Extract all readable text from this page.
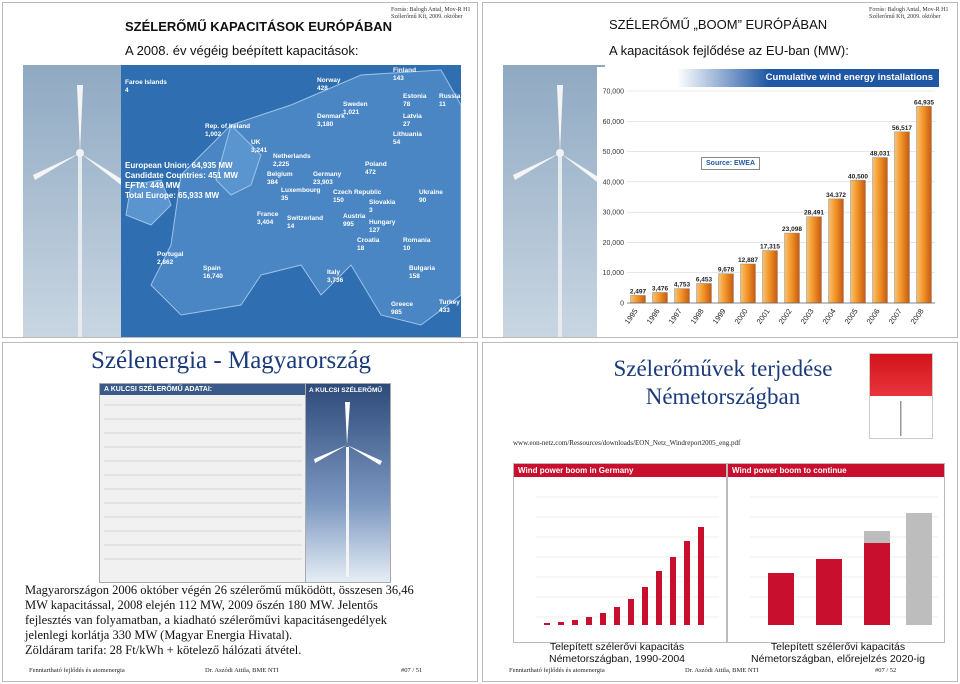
SZÉLERŐMŰ KAPACITÁSOK EURÓPÁBAN
Forrás: Balogh Antal, Mov-R H1
Szélerőmű Kft, 2009. október
A 2008. év végéig beépített kapacitások:
Faroe Islands
4
Norway
428
Finland
143
Estonia
78
Russia
11
Sweden
1,021
Latvia
27
Denmark
3,180
Lithuania
54
Rep. of Ireland
1,002
UK
3,241
Netherlands
2,225
Belgium
384
Germany
23,903
Poland
472
Luxembourg
35
Czech Republic
150	Slovakia
3
Ukraine
90
France
3,404
Switzerland
14
Austria
995	Hungary
127
Croatia
18
Romania
10
Portugal
2,862
Spain
16,740
Italy
3,736
Bulgaria
158
Greece
985
Turkey
433
European Union: 64,935 MW
Candidate Countries: 451 MW
EFTA: 449 MW
Total Europe: 65,933 MW
SZÉLERŐMŰ „BOOM” EURÓPÁBAN
Forrás: Balogh Antal, Mov-R H1
Szélerőmű Kft, 2009. október
A kapacitások fejlődése az EU-ban (MW):
Cumulative wind energy installations
0
10,000
20,000
30,000
40,000
50,000
60,000
70,000
2,497
1995
3,476
1996
4,753
1997
6,453
1998
9,678
1999
12,887
2000
17,315
2001
23,098
2002
28,491
2003
34.372
2004
40,500
2005
48,031
2006
56,517
2007
64,935
2008
Source: EWEA
Szélenergia - Magyarország
A KULCSI SZÉLERŐMŰ ADATAI:	A KULCSI SZÉLERŐMŰ
Magyarországon 2006 október végén 26 szélerőmű működött, összesen 36,46
MW kapacitással, 2008 elején 112 MW, 2009 őszén 180 MW. Jelentős
fejlesztés van folyamatban, a kiadható szélerőművi kapacitásengedélyek
jelenlegi korlátja 330 MW (Magyar Energia Hivatal).
Zöldáram tarifa: 28 Ft/kWh + kötelező hálózati átvétel.
Fenntartható fejlődés és atomenergia	Dr. Aszódi Attila, BME NTI	#07 / 51
Szélerőművek terjedése
Németországban
www.eon-netz.com/Ressources/downloads/EON_Netz_Windreport2005_eng.pdf
Wind power boom in Germany	Wind power boom to continue
Telepített szélerővi kapacitás Németországban, 1990-2004
Telepített szélerővi kapacitás Németországban, előrejelzés 2020-ig
Fenntartható fejlődés és atomenergia	Dr. Aszódi Attila, BME NTI	#07 / 52
